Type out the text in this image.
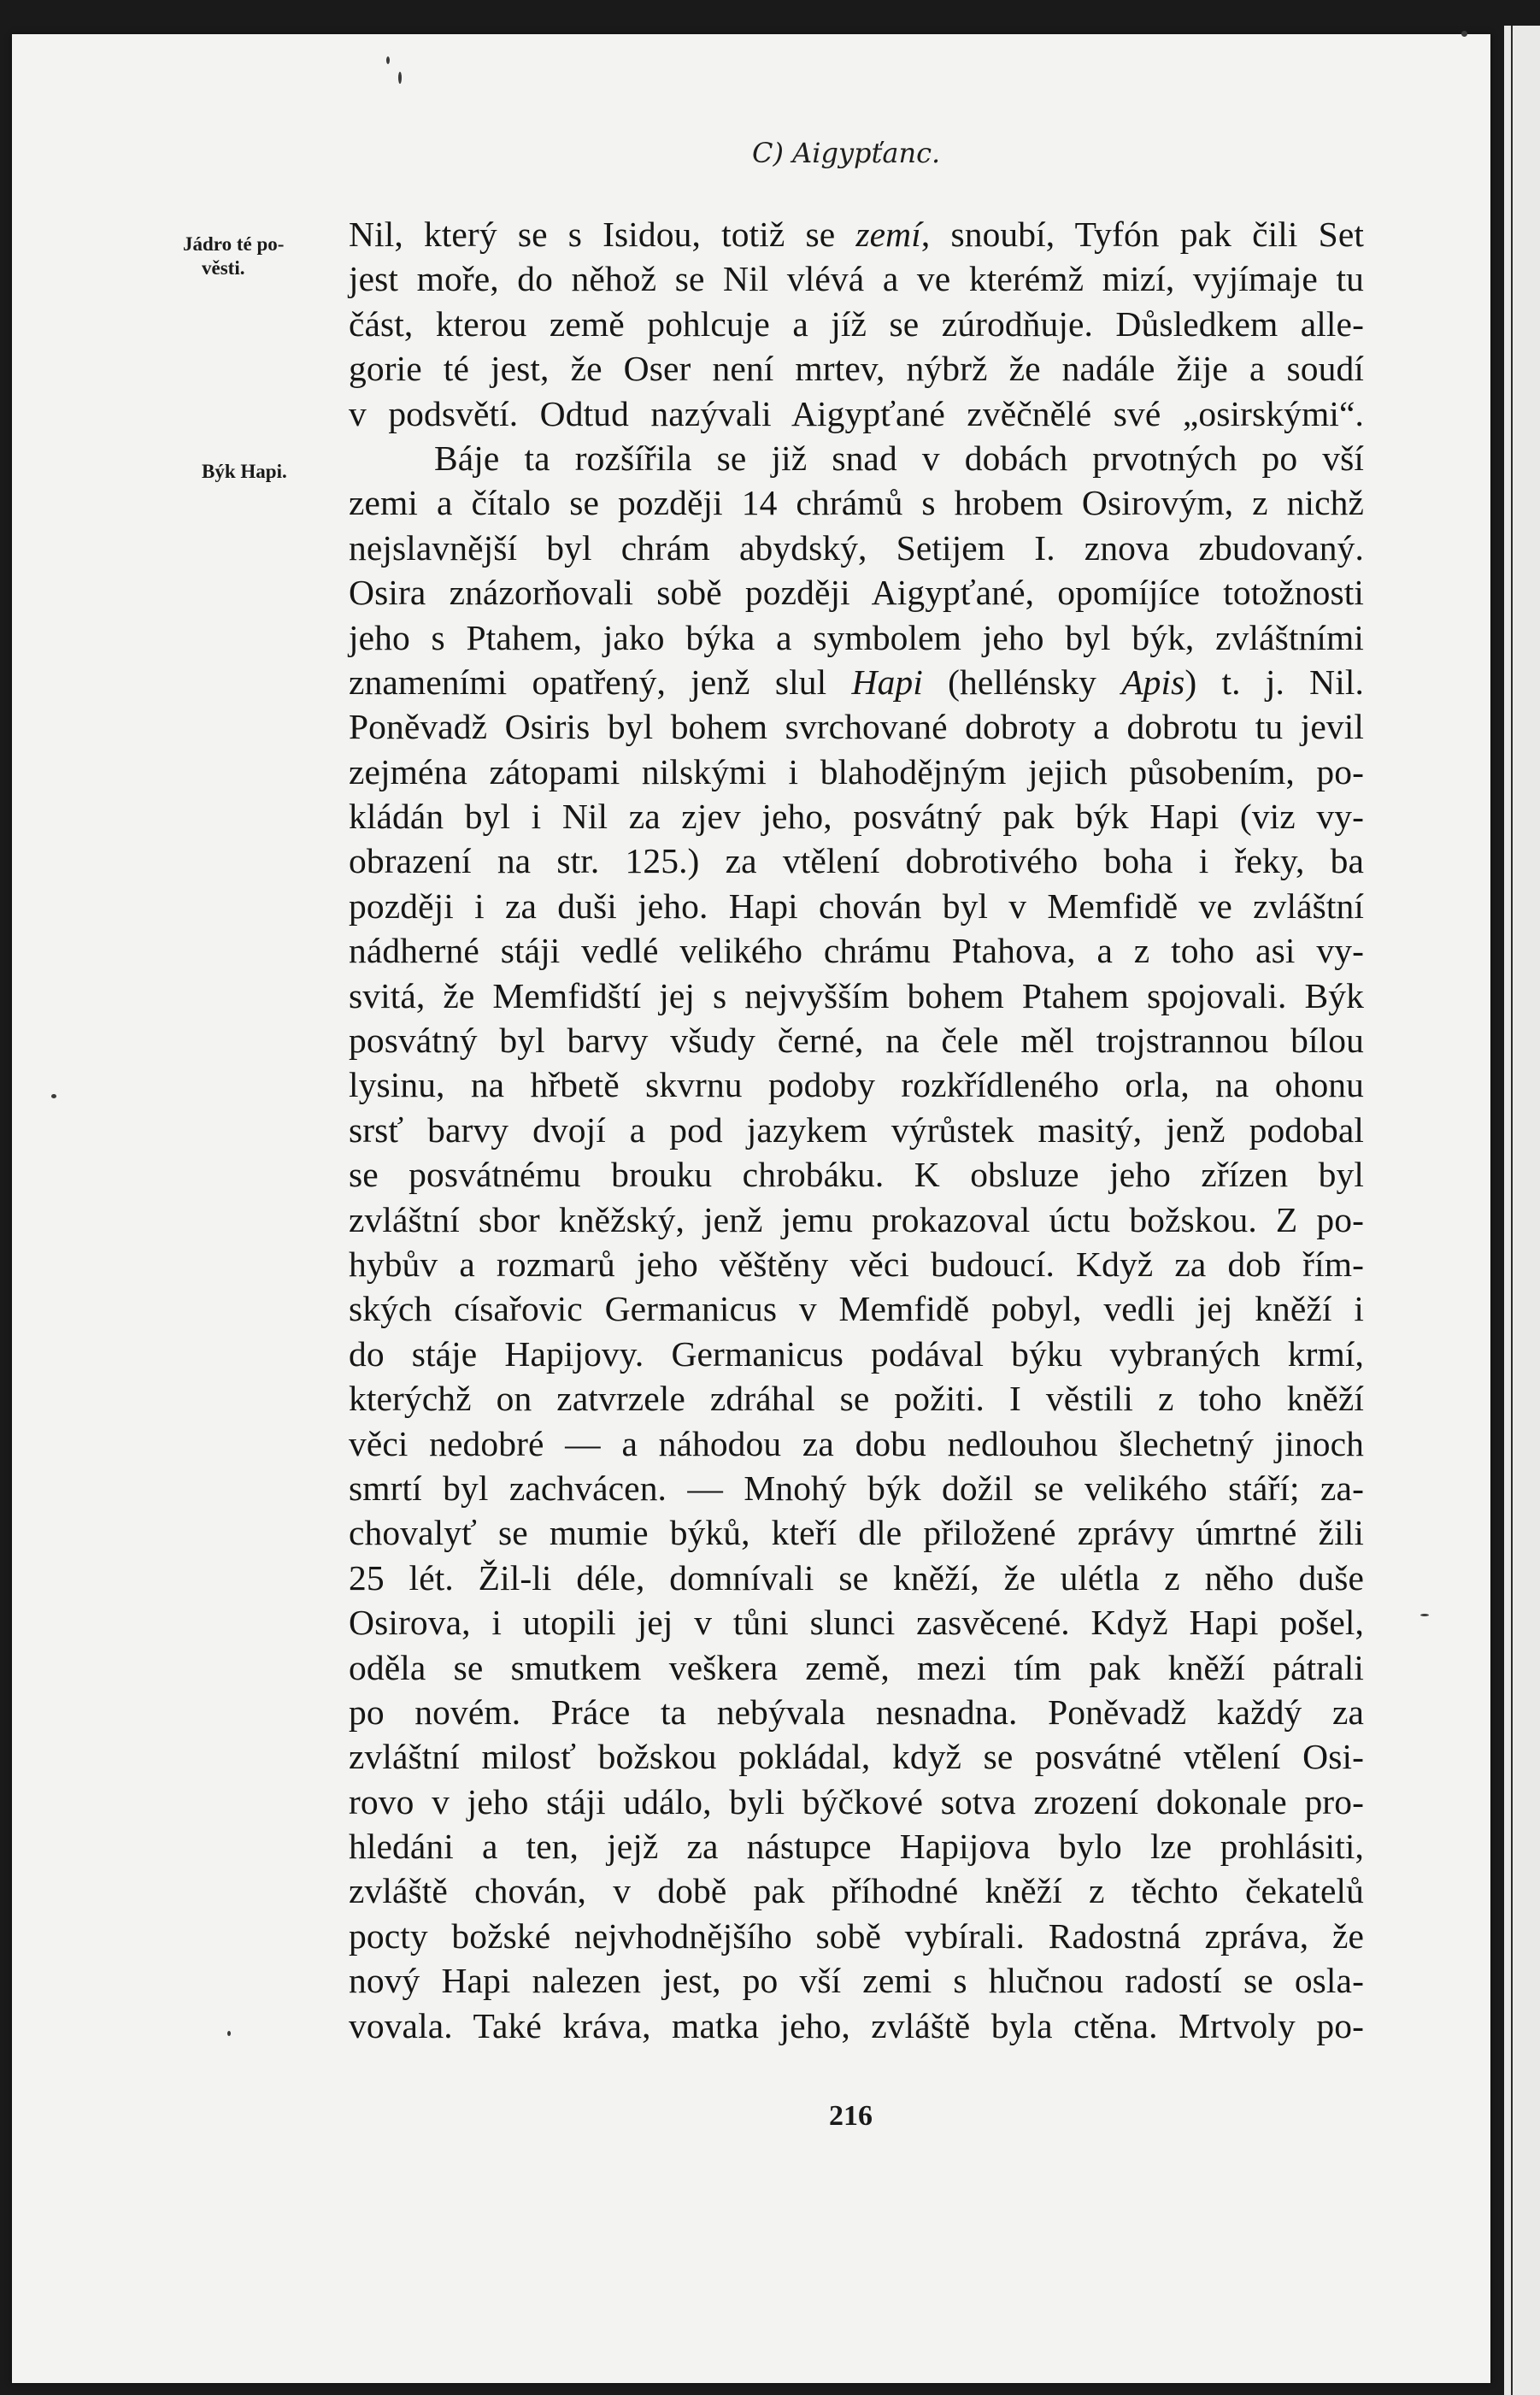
C) Aigypťanc.
Jádro té po-
věsti.
Býk Hapi.
Nil, který se s Isidou, totiž se zemí, snoubí, Tyfón pak čili Set
jest moře, do něhož se Nil vlévá a ve kterémž mizí, vyjímaje tu
část, kterou země pohlcuje a jíž se zúrodňuje. Důsledkem alle-
gorie té jest, že Oser není mrtev, nýbrž že nadále žije a soudí
v podsvětí. Odtud nazývali Aigypťané zvěčnělé své „osirskými“.
Báje ta rozšířila se již snad v dobách prvotných po vší
zemi a čítalo se později 14 chrámů s hrobem Osirovým, z nichž
nejslavnější byl chrám abydský, Setijem I. znova zbudovaný.
Osira znázorňovali sobě později Aigypťané, opomíjíce totožnosti
jeho s Ptahem, jako býka a symbolem jeho byl býk, zvláštními
znameními opatřený, jenž slul Hapi (hellénsky Apis) t. j. Nil.
Poněvadž Osiris byl bohem svrchované dobroty a dobrotu tu jevil
zejména zátopami nilskými i blahodějným jejich působením, po-
kládán byl i Nil za zjev jeho, posvátný pak býk Hapi (viz vy-
obrazení na str. 125.) za vtělení dobrotivého boha i řeky, ba
později i za duši jeho. Hapi chován byl v Memfidě ve zvláštní
nádherné stáji vedlé velikého chrámu Ptahova, a z toho asi vy-
svitá, že Memfidští jej s nejvyšším bohem Ptahem spojovali. Býk
posvátný byl barvy všudy černé, na čele měl trojstrannou bílou
lysinu, na hřbetě skvrnu podoby rozkřídleného orla, na ohonu
srsť barvy dvojí a pod jazykem výrůstek masitý, jenž podobal
se posvátnému brouku chrobáku. K obsluze jeho zřízen byl
zvláštní sbor kněžský, jenž jemu prokazoval úctu božskou. Z po-
hybův a rozmarů jeho věštěny věci budoucí. Když za dob řím-
ských císařovic Germanicus v Memfidě pobyl, vedli jej kněží i
do stáje Hapijovy. Germanicus podával býku vybraných krmí,
kterýchž on zatvrzele zdráhal se požiti. I věstili z toho kněží
věci nedobré — a náhodou za dobu nedlouhou šlechetný jinoch
smrtí byl zachvácen. — Mnohý býk dožil se velikého stáří; za-
chovalyť se mumie býků, kteří dle přiložené zprávy úmrtné žili
25 lét. Žil-li déle, domnívali se kněží, že ulétla z něho duše
Osirova, i utopili jej v tůni slunci zasvěcené. Když Hapi pošel,
oděla se smutkem veškera země, mezi tím pak kněží pátrali
po novém. Práce ta nebývala nesnadna. Poněvadž každý za
zvláštní milosť božskou pokládal, když se posvátné vtělení Osi-
rovo v jeho stáji událo, byli býčkové sotva zrození dokonale pro-
hledáni a ten, jejž za nástupce Hapijova bylo lze prohlásiti,
zvláště chován, v době pak příhodné kněží z těchto čekatelů
pocty božské nejvhodnějšího sobě vybírali. Radostná zpráva, že
nový Hapi nalezen jest, po vší zemi s hlučnou radostí se osla-
vovala. Také kráva, matka jeho, zvláště byla ctěna. Mrtvoly po-
216
